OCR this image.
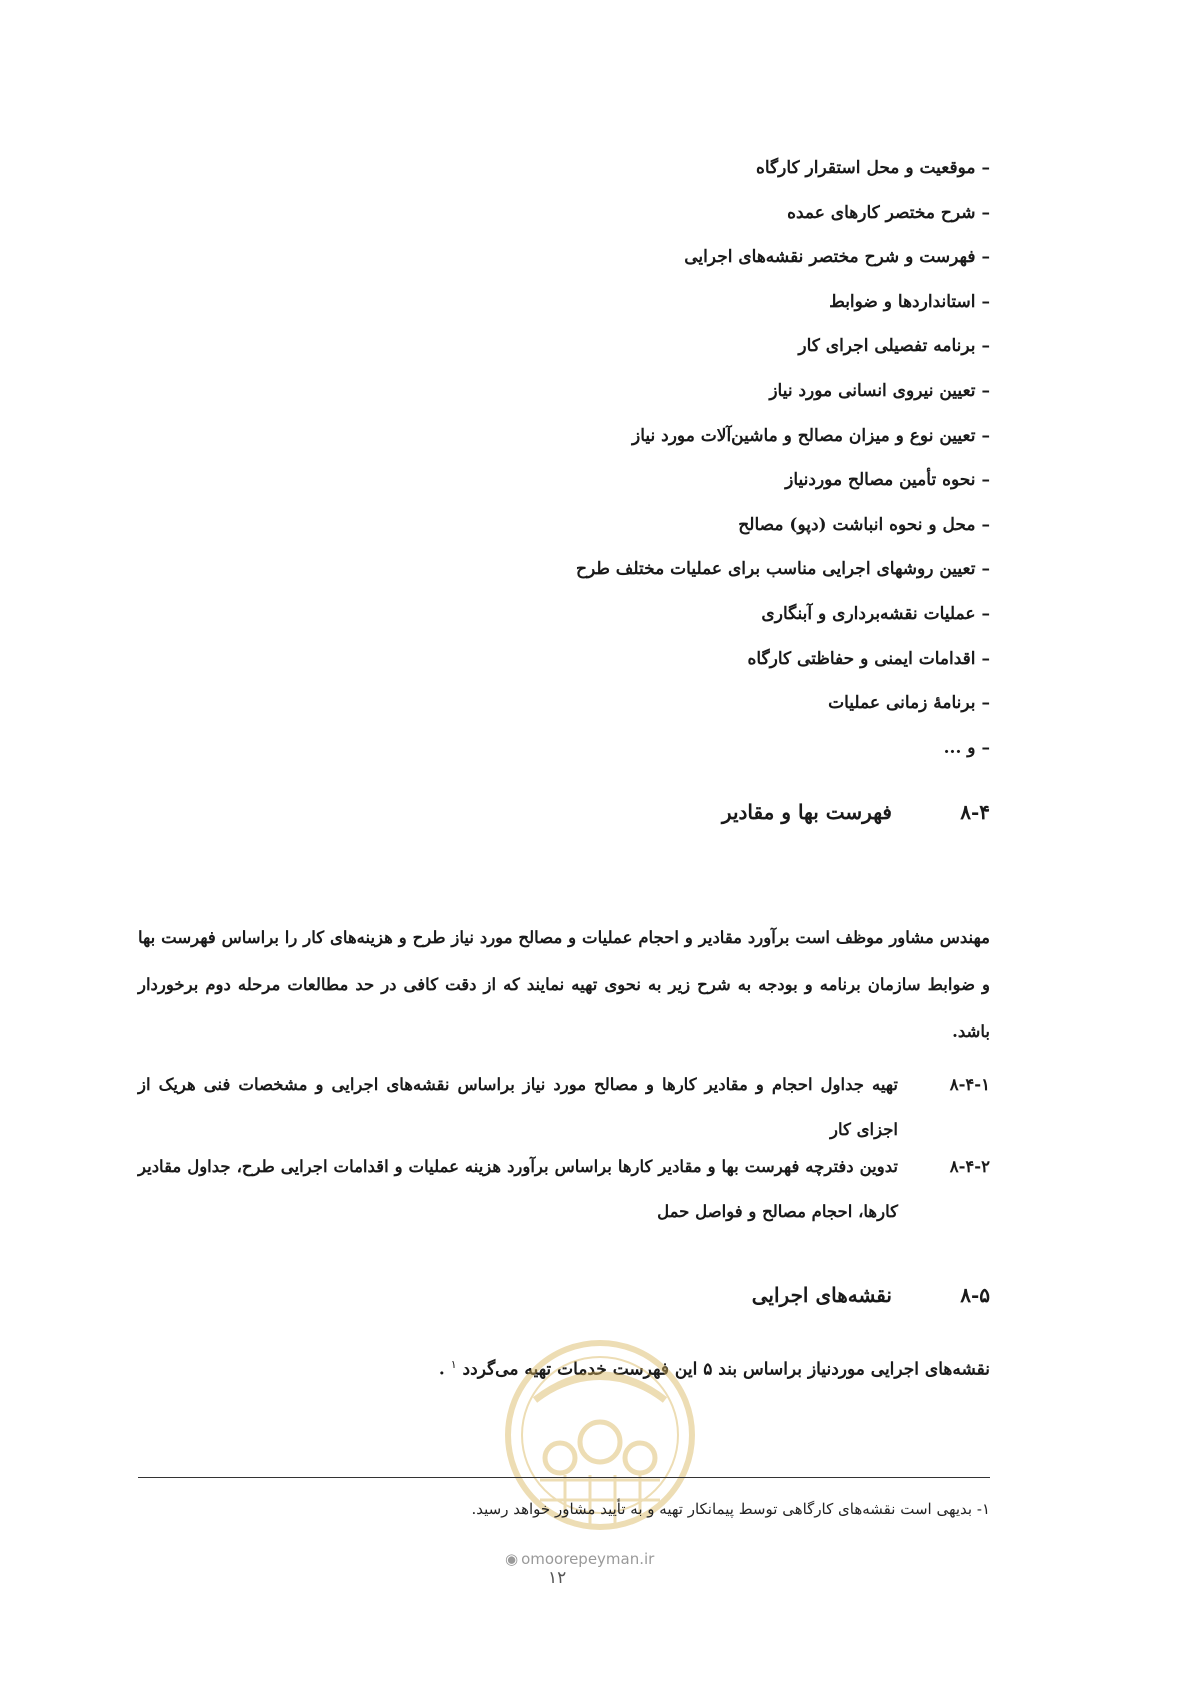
–موقعیت و محل استقرار کارگاه
–شرح مختصر کارهای عمده
–فهرست و شرح مختصر نقشه‌های اجرایی
–استانداردها و ضوابط
–برنامه تفصیلی اجرای کار
–تعیین نیروی انسانی مورد نیاز
–تعیین نوع و میزان مصالح و ماشین‌آلات مورد نیاز
–نحوه تأمین مصالح موردنیاز
–محل و نحوه انباشت (دپو) مصالح
–تعیین روشهای اجرایی مناسب برای عملیات مختلف طرح
–عملیات نقشه‌برداری و آبنگاری
–اقدامات ایمنی و حفاظتی کارگاه
–برنامهٔ زمانی عملیات
–و ...
۸-۴
فهرست بها و مقادیر

مهندس مشاور موظف است برآورد مقادیر و احجام عملیات و مصالح مورد نیاز طرح و هزینه‌های کار را براساس فهرست بها و ضوابط سازمان برنامه و بودجه به شرح زیر به نحوی تهیه نمایند که از دقت کافی در حد مطالعات مرحله دوم برخوردار باشد.

۸-۴-۱
تهیه جداول احجام و مقادیر کارها و مصالح مورد نیاز براساس نقشه‌های اجرایی و مشخصات فنی هریک از اجزای کار
۸-۴-۲
تدوین دفترچه فهرست بها و مقادیر کارها براساس برآورد هزینه عملیات و اقدامات اجرایی طرح، جداول مقادیر کارها، احجام مصالح و فواصل حمل
۸-۵
نقشه‌های اجرایی
نقشه‌های اجرایی موردنیاز براساس بند ۵ این فهرست خدمات تهیه می‌گردد $^۱$ .
۱- بدیهی است نقشه‌های کارگاهی توسط پیمانکار تهیه و به تأیید مشاور خواهد رسید.
◉ omoorepeyman.ir
۱۲
